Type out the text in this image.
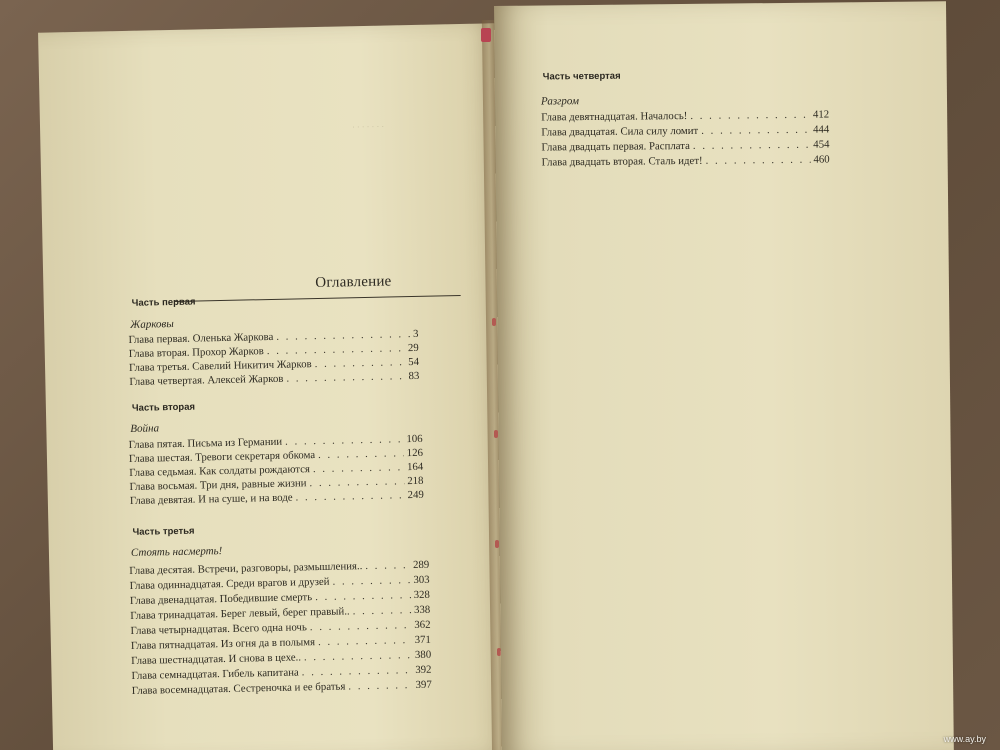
· · · · · · ·
Оглавление
Часть первая
Жарковы
Глава первая. Оленька Жаркова . . .	3
Глава вторая. Прохор Жарков . . .	29
Глава третья. Савелий Никитич Жарков . . .	54
Глава четвертая. Алексей Жарков . . .	83
Часть вторая
Война
Глава пятая. Письма из Германии . . .	106
Глава шестая. Тревоги секретаря обкома . . .	126
Глава седьмая. Как солдаты рождаются . . .	164
Глава восьмая. Три дня, равные жизни . . .	218
Глава девятая. И на суше, и на воде . . .	249
Часть третья
Стоять насмерть!
Глава десятая. Встречи, разговоры, размышления.. . . .	289
Глава одиннадцатая. Среди врагов и друзей . . .	303
Глава двенадцатая. Победившие смерть . . .	328
Глава тринадцатая. Берег левый, берег правый.. . . .	338
Глава четырнадцатая. Всего одна ночь . . .	362
Глава пятнадцатая. Из огня да в полымя . . .	371
Глава шестнадцатая. И снова в цехе.. . . .	380
Глава семнадцатая. Гибель капитана . . .	392
Глава восемнадцатая. Сестреночка и ее братья . . .	397
Часть четвертая
Разгром
Глава девятнадцатая. Началось! . . .	412
Глава двадцатая. Сила силу ломит . . .	444
Глава двадцать первая. Расплата . . .	454
Глава двадцать вторая. Сталь идет! . . .	460
www.ay.by
